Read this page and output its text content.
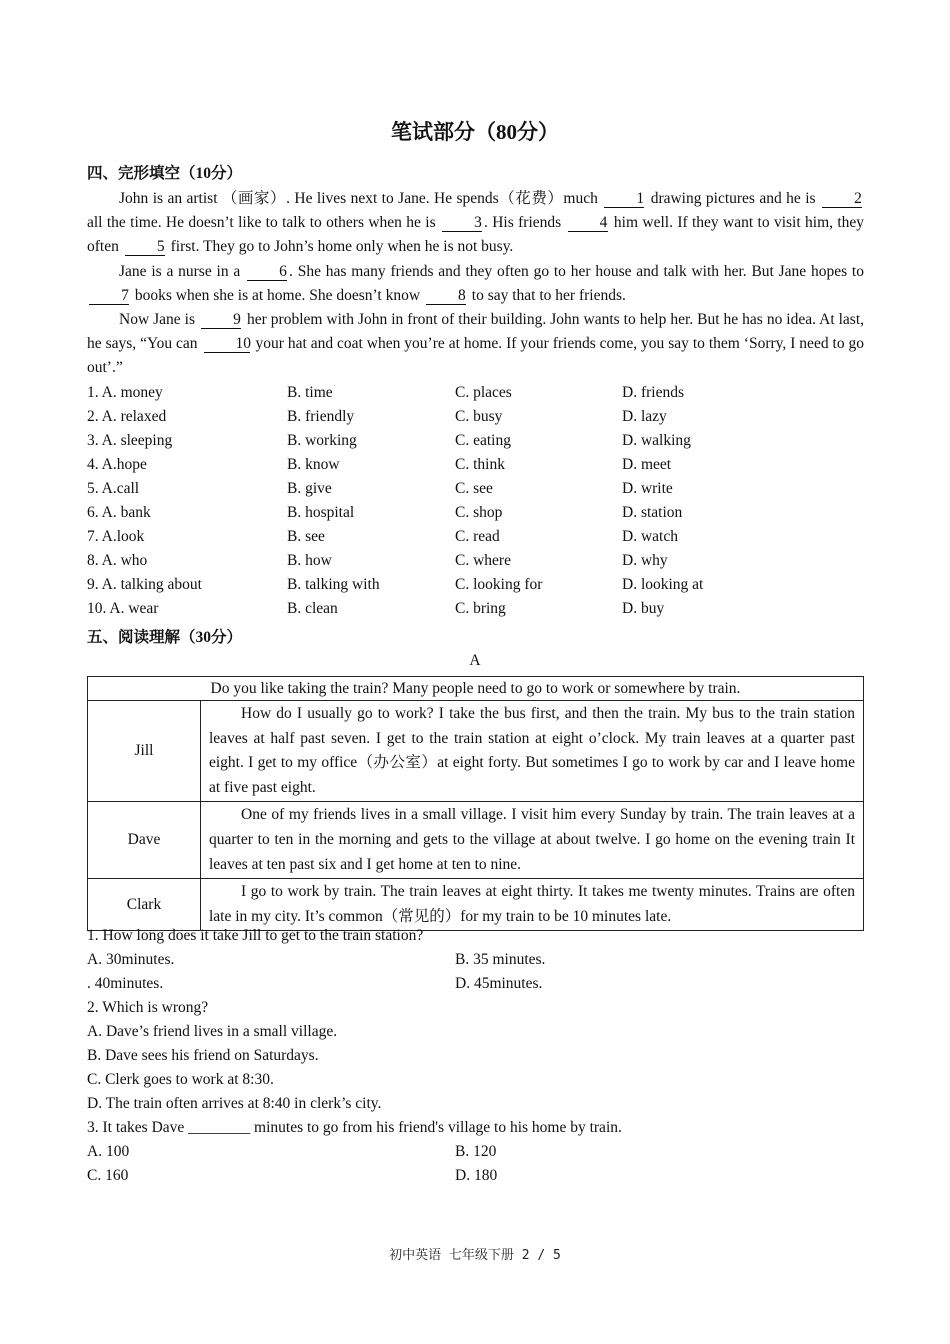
笔试部分（80分）
四、完形填空（10分）

John is an artist （画家）. He lives next to Jane. He spends（花费）much 1 drawing pictures and he is 2 all the time. He doesn’t like to talk to others when he is 3 . His friends 4 him well. If they want to visit him, they often 5 first. They go to John’s home only when he is not busy.

Jane is a nurse in a	6 . She has many friends and they often go to her house and talk with her. But Jane hopes to 7 books when she is at home. She doesn’t know 8 to say that to her friends.

Now Jane is 9 her problem with John in front of their building. John wants to help her. But he has no idea. At last, he says, “You can 10 your hat and coat when you’re at home. If your friends come, you say to them ‘Sorry, I need to go out’.”

1. A. money	B. time	C. places	D. friends
2. A. relaxed	B. friendly	C. busy	D. lazy
3. A. sleeping	B. working	C. eating	D. walking
4. A.hope	B. know	C. think	D. meet
5. A.call	B. give	C. see	D. write
6. A. bank	B. hospital	C. shop	D. station
7. A.look	B. see	C. read	D. watch
8. A. who	B. how	C. where	D. why
9. A. talking about	B. talking with	C. looking for	D. looking at
10. A. wear	B. clean	C. bring	D. buy
五、阅读理解（30分）
A
Do you like taking the train? Many people need to go to work or somewhere by train.	
Jill	How do I usually go to work? I take the bus first, and then the train. My bus to the train station leaves at half past seven. I get to the train station at eight o’clock. My train leaves at a quarter past eight. I get to my office（办公室）at eight forty. But sometimes I go to work by car and I leave home at five past eight.
Dave	One of my friends lives in a small village. I visit him every Sunday by train. The train leaves at a quarter to ten in the morning and gets to the village at about twelve. I go home on the evening train It leaves at ten past six and I get home at ten to nine.
Clark	I go to work by train. The train leaves at eight thirty. It takes me twenty minutes. Trains are often late in my city. It’s common（常见的）for my train to be 10 minutes late.
1. How long does it take Jill to get to the train station?
A. 30minutes.	B. 35 minutes.
. 40minutes.	D. 45minutes.
2. Which is wrong?
A. Dave’s friend lives in a small village.
B. Dave sees his friend on Saturdays.
C. Clerk goes to work at 8:30.
D. The train often arrives at 8:40 in clerk’s city.
3. It takes Dave ________ minutes to go from his friend's village to his home by train.
A. 100	B. 120
C. 160	D. 180
初中英语 七年级下册 2 / 5
